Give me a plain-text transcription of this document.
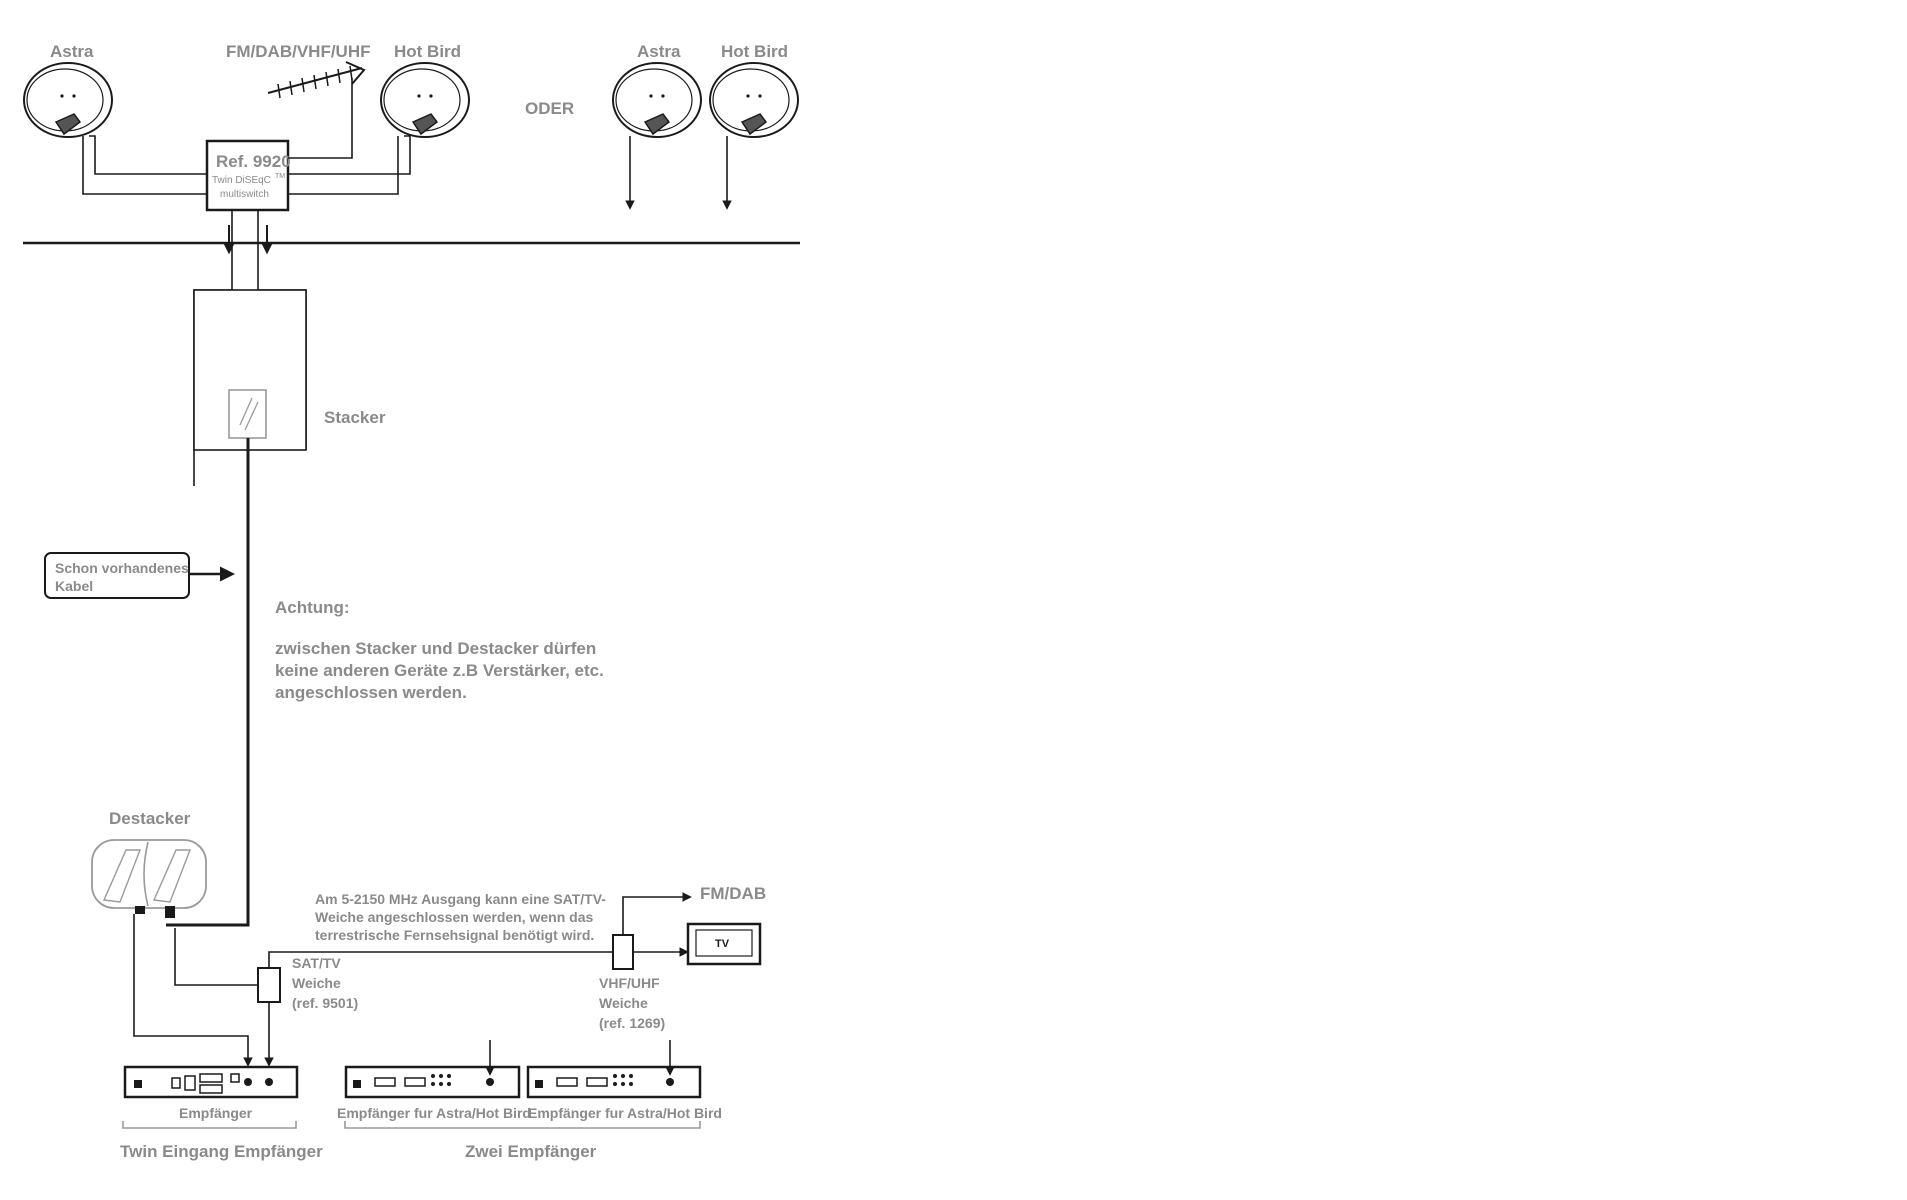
Astra	FM/DAB/VHF/UHF Hot Bird
ODER
Astra Hot Bird
Ref. 9920
Twin DiSEqC TM
multiswitch
Stacker
Schon vorhandenes
Kabel
Achtung:
zwischen Stacker und Destacker dürfen
keine anderen Geräte z.B Verstärker, etc.
angeschlossen werden.
Destacker
SAT/TV
Weiche
(ref. 9501)
Am 5-2150 MHz Ausgang kann eine SAT/TV-
Weiche angeschlossen werden, wenn das
terrestrische Fernsehsignal benötigt wird.
FM/DAB
VHF/UHF
Weiche
(ref. 1269)
TV
Empfänger	Empfänger fur Astra/Hot Bird
Empfänger fur Astra/Hot Bird
Twin Eingang Empfänger	Zwei Empfänger
